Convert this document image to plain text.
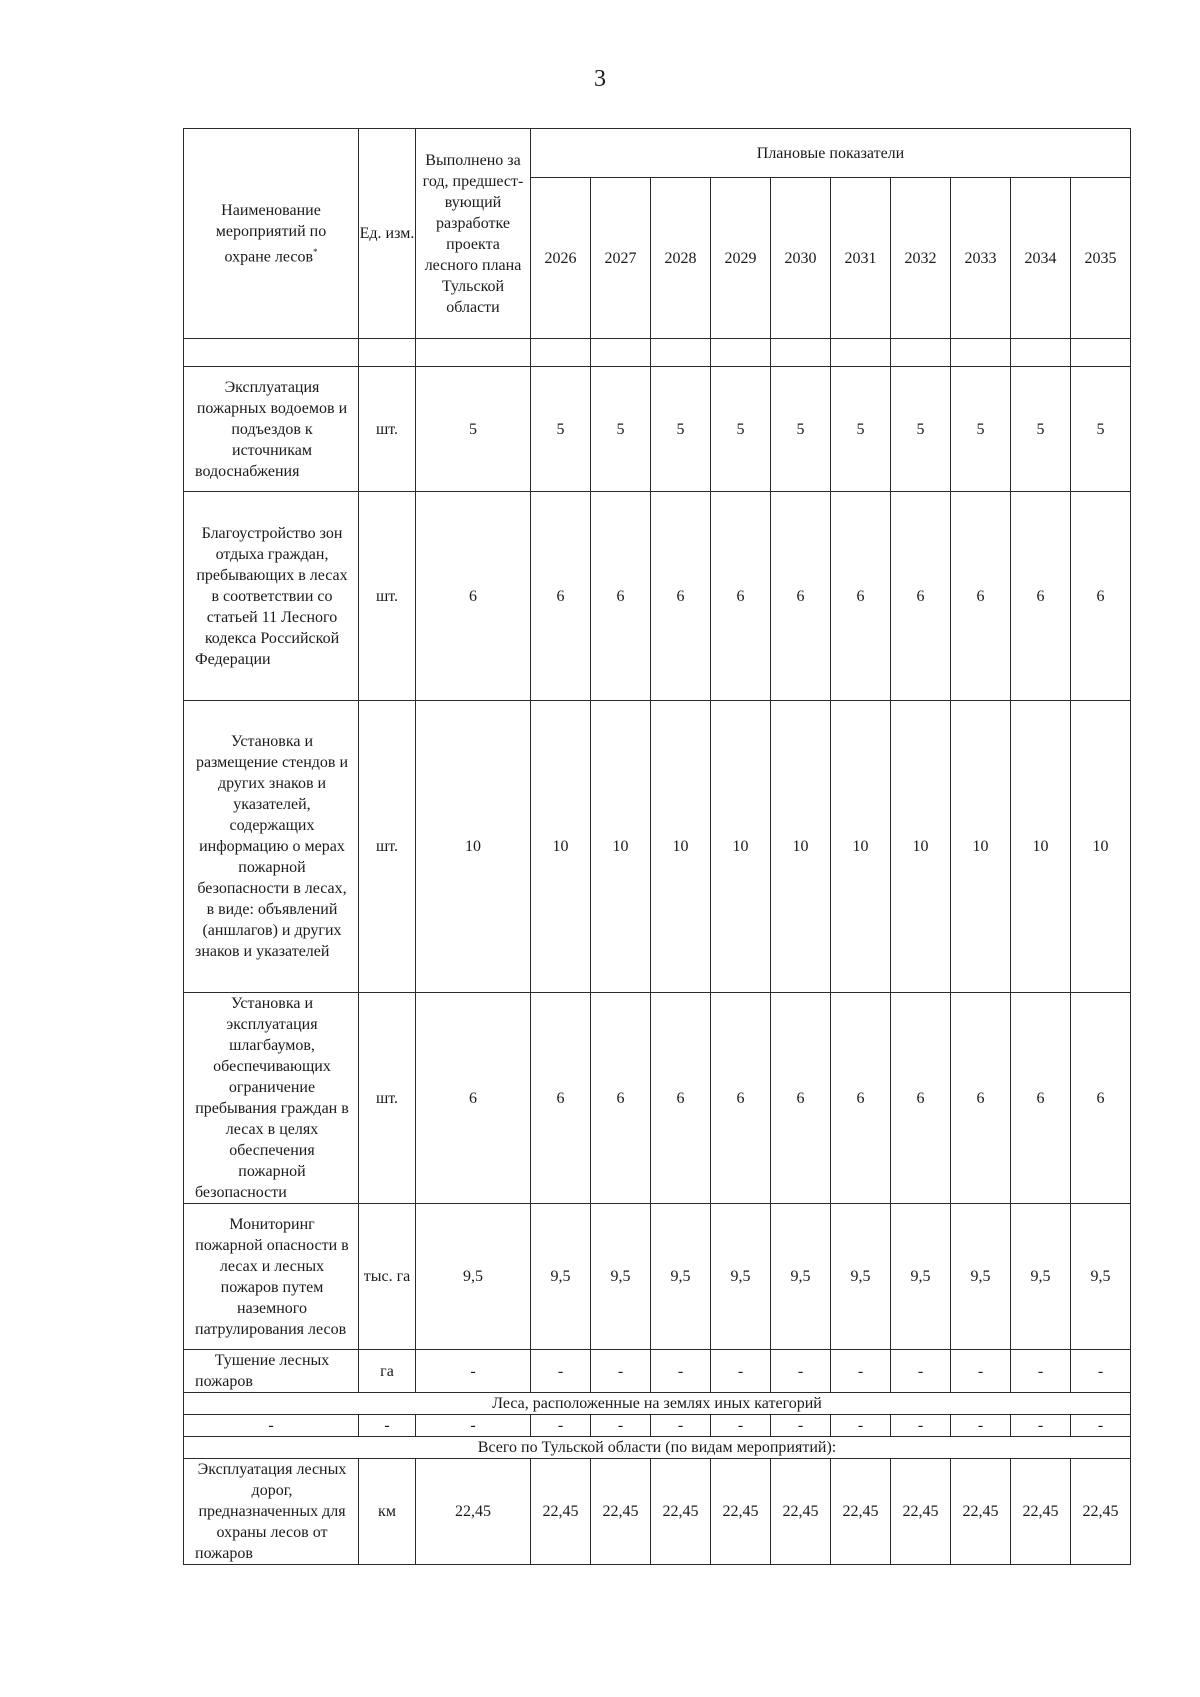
3
Наименование мероприятий по охране лесов*	Ед. изм.	Выполнено за год, предшест-вующий разработке проекта лесного плана Тульской области	Плановые показатели									
			2026	2027	2028	2029	2030	2031	2032	2033	2034	2035

Эксплуатация пожарных водоемов и подъездов к источникам водоснабжения	шт.	5	5	5	5	5	5	5	5	5	5	5
Благоустройство зон отдыха граждан, пребывающих в лесах в соответствии со статьей 11 Лесного кодекса Российской Федерации	шт.	6	6	6	6	6	6	6	6	6	6	6
Установка и размещение стендов и других знаков и указателей, содержащих информацию о мерах пожарной безопасности в лесах, в виде: объявлений (аншлагов) и других знаков и указателей	шт.	10	10	10	10	10	10	10	10	10	10	10
Установка и эксплуатация шлагбаумов, обеспечивающих ограничение пребывания граждан в лесах в целях обеспечения пожарной безопасности	шт.	6	6	6	6	6	6	6	6	6	6	6
Мониторинг пожарной опасности в лесах и лесных пожаров путем наземного патрулирования лесов	тыс. га	9,5	9,5	9,5	9,5	9,5	9,5	9,5	9,5	9,5	9,5	9,5
Тушение лесных пожаров	га	-	-	-	-	-	-	-	-	-	-	-
Леса, расположенные на землях иных категорий												
-	-	-	-	-	-	-	-	-	-	-	-	-
Всего по Тульской области (по видам мероприятий):												
Эксплуатация лесных дорог, предназначенных для охраны лесов от пожаров	км	22,45	22,45	22,45	22,45	22,45	22,45	22,45	22,45	22,45	22,45	22,45
